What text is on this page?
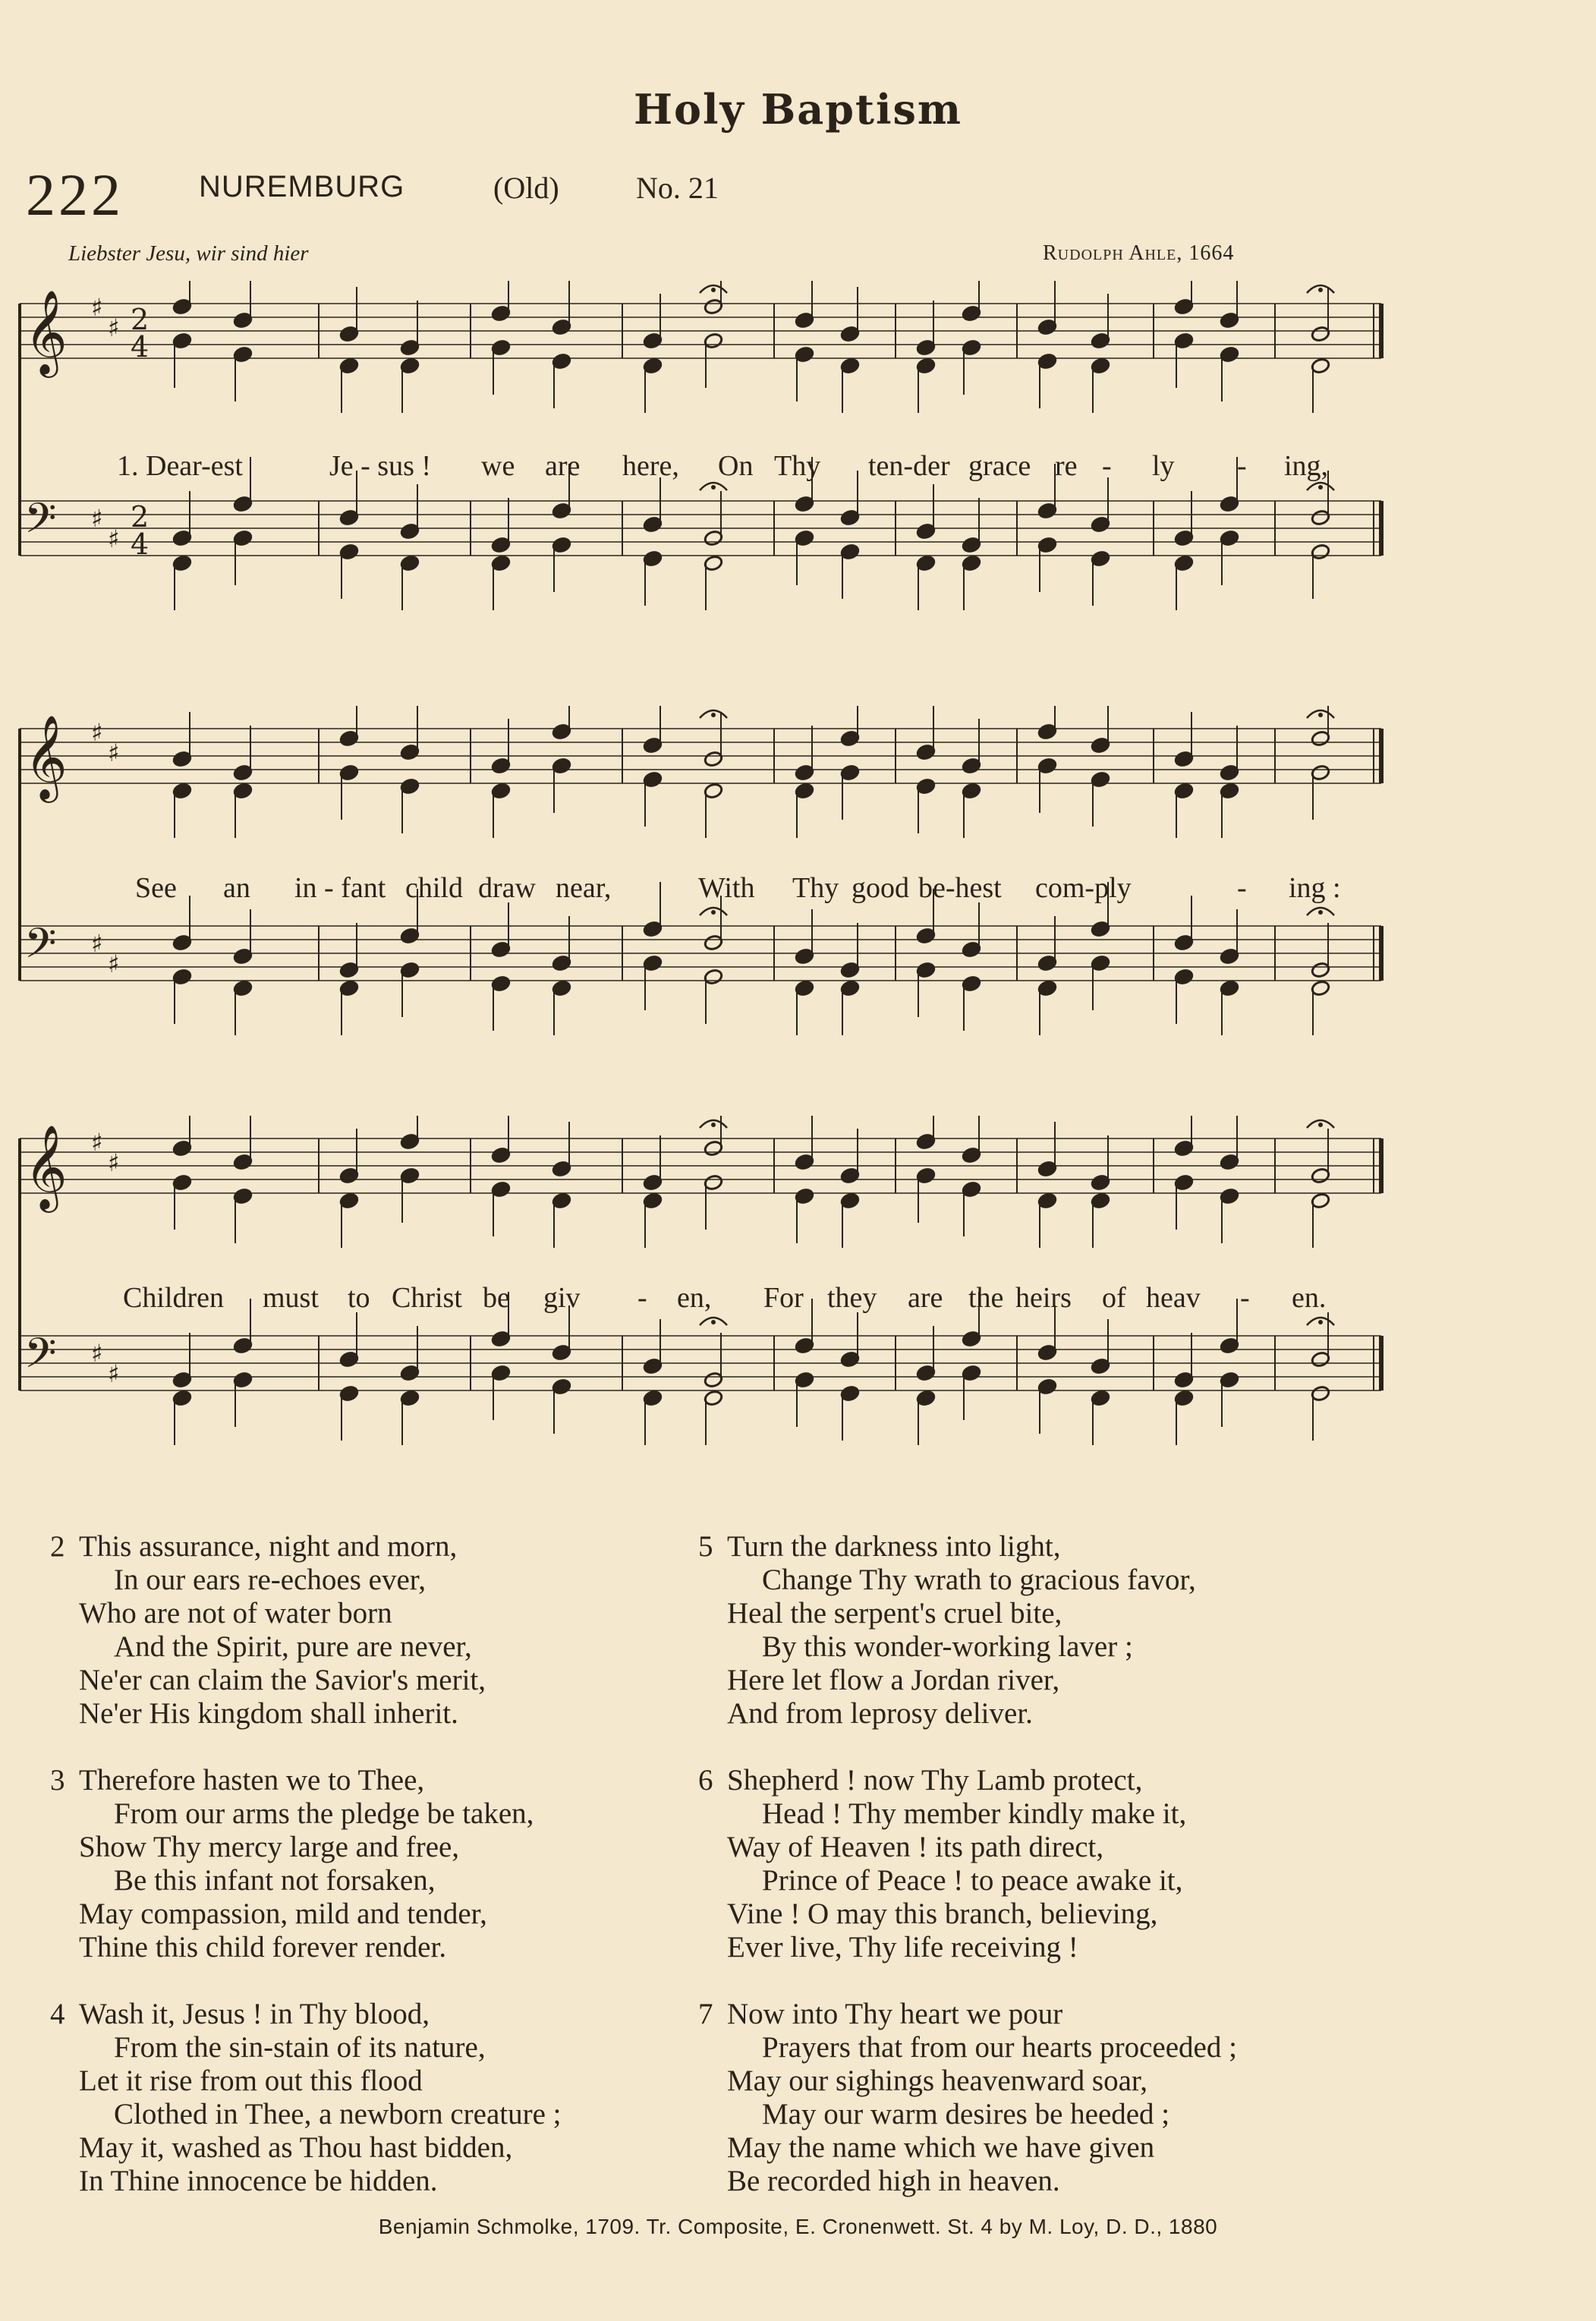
Holy Baptism
222 NUREMBURG	(Old)	No. 21
Liebster Jesu, wir sind hier	Rudolph Ahle, 1664
𝄞 ♯
♯ 2
4
𝄢 ♯
♯
2
4
1. Dear-est	Je - sus ! we are here, On Thy ten-der grace re - ly - ing,
𝄞 ♯
♯
𝄢 ♯
♯
See an in - fant child draw near,	With Thy good be-hest com-ply	- ing :
𝄞 ♯
♯
𝄢 ♯
♯
Children must to Christ be giv - en, For they are the heirs of heav - en.
2 This assurance, night and morn,
In our ears re-echoes ever,
Who are not of water born
And the Spirit, pure are never,
Ne'er can claim the Savior's merit,
Ne'er His kingdom shall inherit.
3 Therefore hasten we to Thee,
From our arms the pledge be taken,
Show Thy mercy large and free,
Be this infant not forsaken,
May compassion, mild and tender,
Thine this child forever render.
4 Wash it, Jesus ! in Thy blood,
From the sin-stain of its nature,
Let it rise from out this flood
Clothed in Thee, a newborn creature ;
May it, washed as Thou hast bidden,
In Thine innocence be hidden.
5 Turn the darkness into light,
Change Thy wrath to gracious favor,
Heal the serpent's cruel bite,
By this wonder-working laver ;
Here let flow a Jordan river,
And from leprosy deliver.
6 Shepherd ! now Thy Lamb protect,
Head ! Thy member kindly make it,
Way of Heaven ! its path direct,
Prince of Peace ! to peace awake it,
Vine ! O may this branch, believing,
Ever live, Thy life receiving !
7 Now into Thy heart we pour
Prayers that from our hearts proceeded ;
May our sighings heavenward soar,
May our warm desires be heeded ;
May the name which we have given
Be recorded high in heaven.
Benjamin Schmolke, 1709. Tr. Composite, E. Cronenwett. St. 4 by M. Loy, D. D., 1880
